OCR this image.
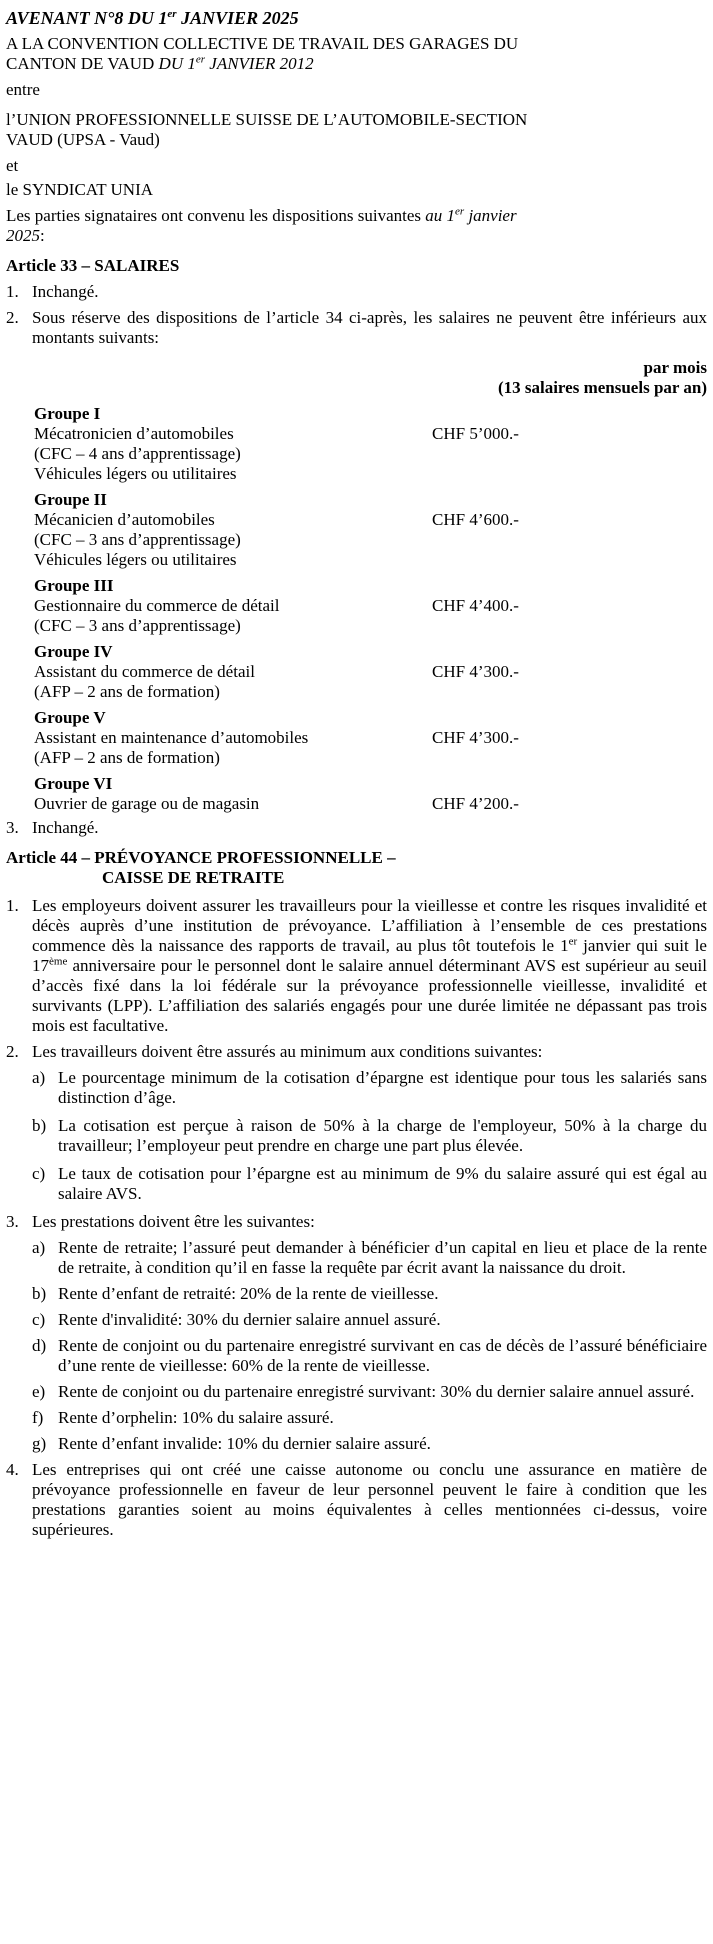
AVENANT N°8 DU 1er JANVIER 2025

A LA CONVENTION COLLECTIVE DE TRAVAIL DES GARAGES DU

CANTON DE VAUD DU 1er JANVIER 2012

entre

l’UNION PROFESSIONNELLE SUISSE DE L’AUTOMOBILE-SECTION

VAUD (UPSA - Vaud)

et

le SYNDICAT UNIA

Les parties signataires ont convenu les dispositions suivantes au 1er janvier
2025:

Article 33 – SALAIRES

1. Inchangé.
2. Sous réserve des dispositions de l’article 34 ci-après, les salaires ne peuvent être inférieurs aux montants suivants:

par mois

(13 salaires mensuels par an)

Groupe I
Mécatronicien d’automobiles	CHF 5’000.-
(CFC – 4 ans d’apprentissage)
Véhicules légers ou utilitaires
Groupe II
Mécanicien d’automobiles	CHF 4’600.-
(CFC – 3 ans d’apprentissage)
Véhicules légers ou utilitaires
Groupe III
Gestionnaire du commerce de détail	CHF 4’400.-
(CFC – 3 ans d’apprentissage)
Groupe IV
Assistant du commerce de détail	CHF 4’300.-
(AFP – 2 ans de formation)
Groupe V
Assistant en maintenance d’automobiles	CHF 4’300.-
(AFP – 2 ans de formation)
Groupe VI
Ouvrier de garage ou de magasin	CHF 4’200.-
3. Inchangé.

Article 44 – PRÉVOYANCE PROFESSIONNELLE –

CAISSE DE RETRAITE

1. Les employeurs doivent assurer les travailleurs pour la vieillesse et contre les risques invalidité et décès auprès d’une institution de prévoyance. L’affiliation à l’ensemble de ces prestations commence dès la naissance des rapports de travail, au plus tôt toutefois le 1er janvier qui suit le 17ème anniversaire pour le personnel dont le salaire annuel déterminant AVS est supérieur au seuil d’accès fixé dans la loi fédérale sur la prévoyance professionnelle vieillesse, invalidité et survivants (LPP). L’affiliation des salariés engagés pour une durée limitée ne dépassant pas trois mois est facultative.
2. Les travailleurs doivent être assurés au minimum aux conditions suivantes:
a) Le pourcentage minimum de la cotisation d’épargne est identique pour tous les salariés sans distinction d’âge.
b) La cotisation est perçue à raison de 50% à la charge de l'employeur, 50% à la charge du travailleur; l’employeur peut prendre en charge une part plus élevée.
c) Le taux de cotisation pour l’épargne est au minimum de 9% du salaire assuré qui est égal au salaire AVS.
3. Les prestations doivent être les suivantes:
a) Rente de retraite; l’assuré peut demander à bénéficier d’un capital en lieu et place de la rente de retraite, à condition qu’il en fasse la requête par écrit avant la naissance du droit.
b) Rente d’enfant de retraité: 20% de la rente de vieillesse.
c) Rente d'invalidité: 30% du dernier salaire annuel assuré.
d) Rente de conjoint ou du partenaire enregistré survivant en cas de décès de l’assuré bénéficiaire d’une rente de vieillesse: 60% de la rente de vieillesse.
e) Rente de conjoint ou du partenaire enregistré survivant: 30% du dernier salaire annuel assuré.
f) Rente d’orphelin: 10% du salaire assuré.
g) Rente d’enfant invalide: 10% du dernier salaire assuré.
4. Les entreprises qui ont créé une caisse autonome ou conclu une assurance en matière de prévoyance professionnelle en faveur de leur personnel peuvent le faire à condition que les prestations garanties soient au moins équivalentes à celles mentionnées ci-dessus, voire supérieures.
